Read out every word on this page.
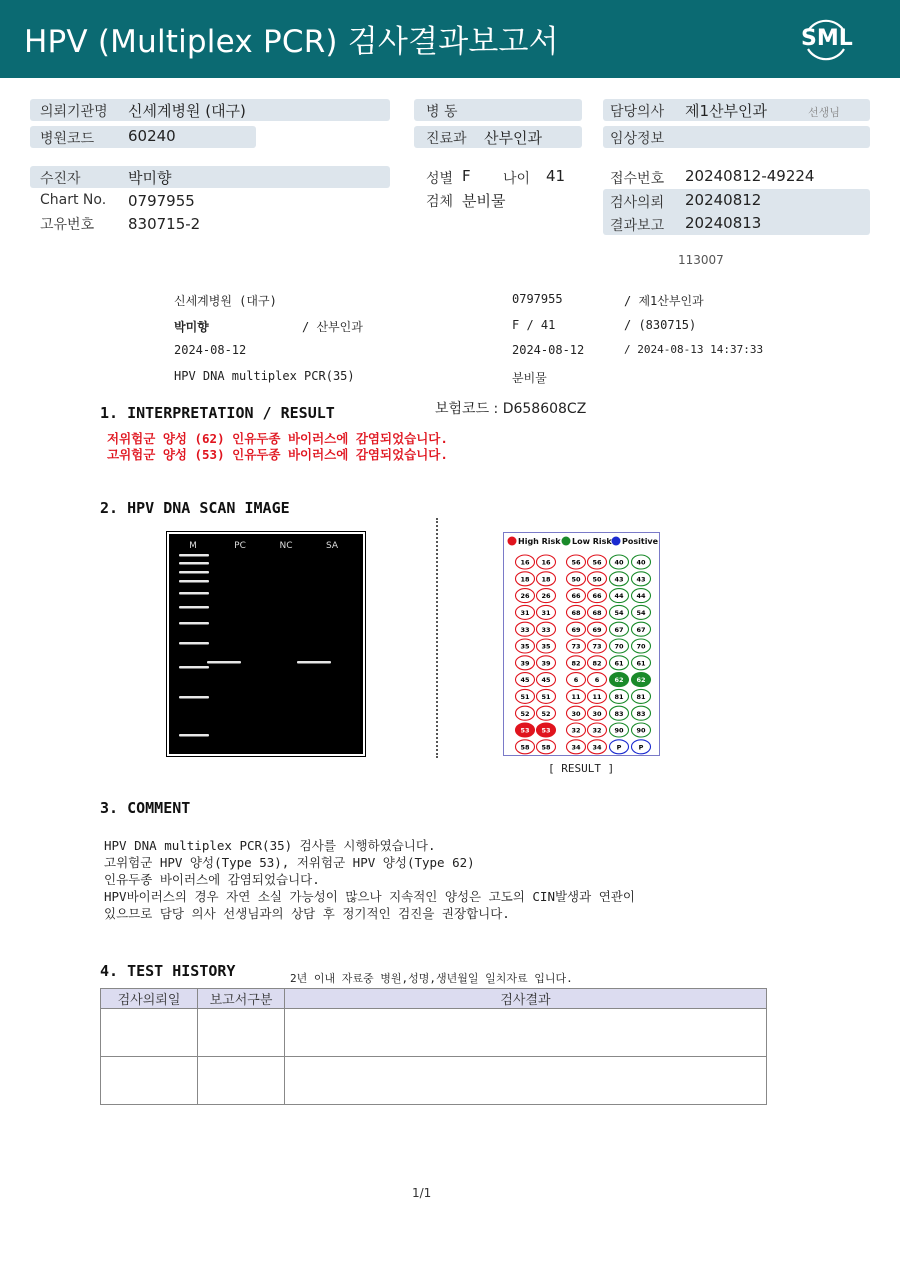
HPV (Multiplex PCR) 검사결과보고서	SML
의뢰기관명 신세계병원 (대구)
병원코드 60240
수진자	박미향
Chart No. 0797955
고유번호 830715-2
병 동
진료과 산부인과
성별 F 나이 41
검체 분비물
담당의사 제1산부인과	선생님
임상정보
접수번호 20240812-49224
검사의뢰 20240812
결과보고 20240813
113007
신세계병원 (대구)	0797955	/ 제1산부인과
박미향	/ 산부인과	F / 41	/ (830715)
2024-08-12	2024-08-12	/ 2024-08-13 14:37:33
HPV DNA multiplex PCR(35)	분비물
보험코드 : D658608CZ
1. INTERPRETATION / RESULT
저위험군 양성 (62) 인유두종 바이러스에 감염되었습니다.
고위험군 양성 (53) 인유두종 바이러스에 감염되었습니다.
2. HPV DNA SCAN IMAGE
M	PC	NC	SA	High Risk Low Risk Positive
16 16	56 56 40 40
18 18	50 50 43 43
26 26	66 66 44 44
31 31	68 68 54 54
33 33	69 69 67 67
35 35	73 73 70 70
39 39	82 82 61 61
45 45	6	6 62 62
51 51	11 11 81 81
52 52	30 30 83 83
53 53	32 32 90 90
58 58	34 34 P	P
[ RESULT ]
3. COMMENT
HPV DNA multiplex PCR(35) 검사를 시행하였습니다.
고위험군 HPV 양성(Type 53), 저위험군 HPV 양성(Type 62)
인유두종 바이러스에 감염되었습니다.
HPV바이러스의 경우 자연 소실 가능성이 많으나 지속적인 양성은 고도의 CIN발생과 연관이
있으므로 담당 의사 선생님과의 상담 후 정기적인 검진을 권장합니다.
4. TEST HISTORY	2년 이내 자료중 병원,성명,생년월일 일치자료 입니다.
검사의뢰일	보고서구분	검사결과

1/1
